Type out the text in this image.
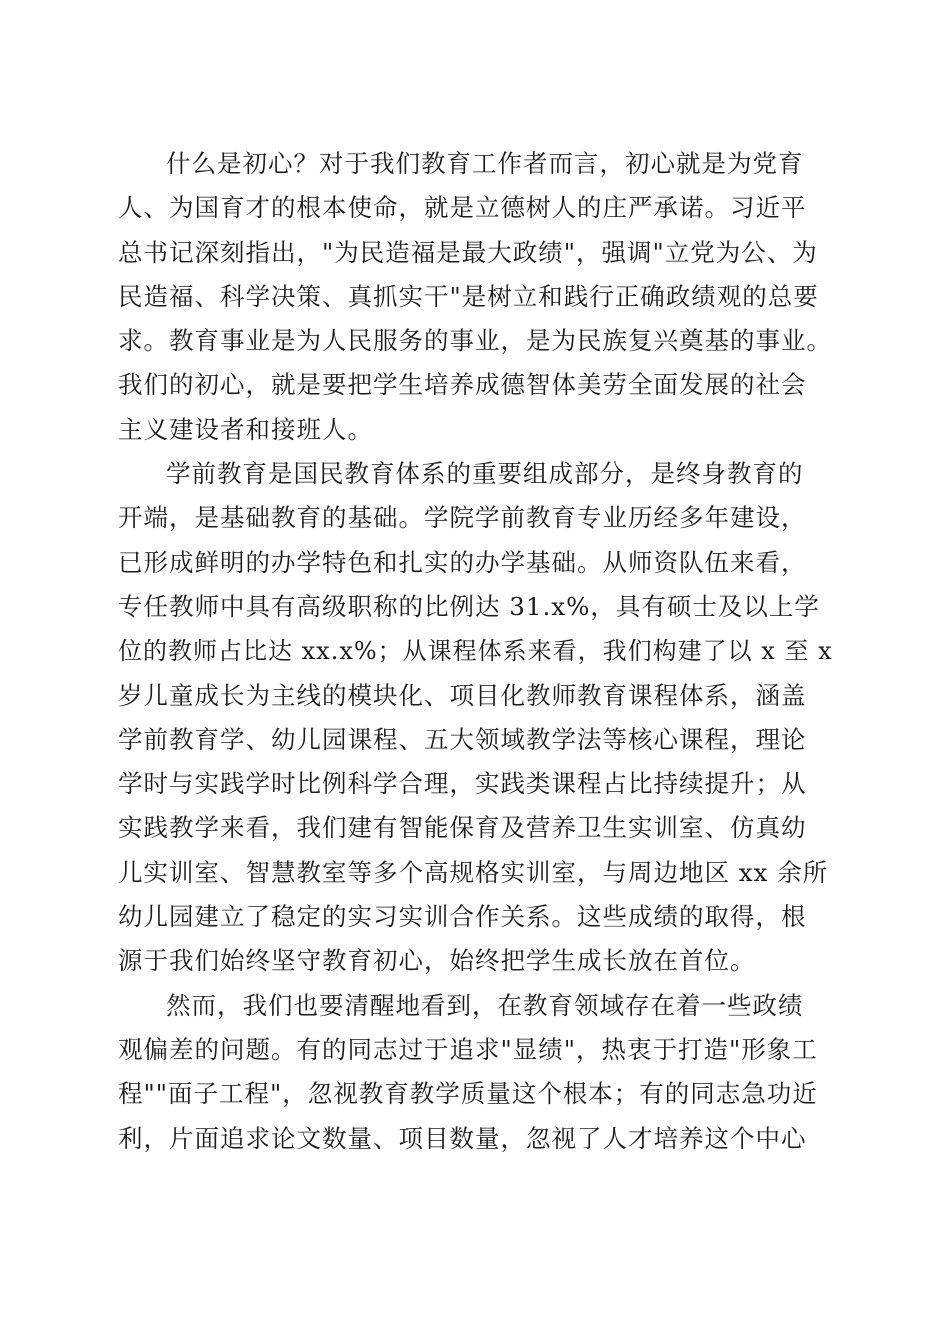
什么是初心？对于我们教育工作者而言，初心就是为党育
人、为国育才的根本使命，就是立德树人的庄严承诺。习近平
总书记深刻指出，"为民造福是最大政绩"，强调"立党为公、为
民造福、科学决策、真抓实干"是树立和践行正确政绩观的总要
求。教育事业是为人民服务的事业，是为民族复兴奠基的事业。
我们的初心，就是要把学生培养成德智体美劳全面发展的社会
主义建设者和接班人。
学前教育是国民教育体系的重要组成部分，是终身教育的
开端，是基础教育的基础。学院学前教育专业历经多年建设，
已形成鲜明的办学特色和扎实的办学基础。从师资队伍来看，
专任教师中具有高级职称的比例达 31.x%，具有硕士及以上学
位的教师占比达 xx.x%；从课程体系来看，我们构建了以 x 至 x
岁儿童成长为主线的模块化、项目化教师教育课程体系，涵盖
学前教育学、幼儿园课程、五大领域教学法等核心课程，理论
学时与实践学时比例科学合理，实践类课程占比持续提升；从
实践教学来看，我们建有智能保育及营养卫生实训室、仿真幼
儿实训室、智慧教室等多个高规格实训室，与周边地区 xx 余所
幼儿园建立了稳定的实习实训合作关系。这些成绩的取得，根
源于我们始终坚守教育初心，始终把学生成长放在首位。
然而，我们也要清醒地看到，在教育领域存在着一些政绩
观偏差的问题。有的同志过于追求"显绩"，热衷于打造"形象工
程""面子工程"，忽视教育教学质量这个根本；有的同志急功近
利，片面追求论文数量、项目数量，忽视了人才培养这个中心
